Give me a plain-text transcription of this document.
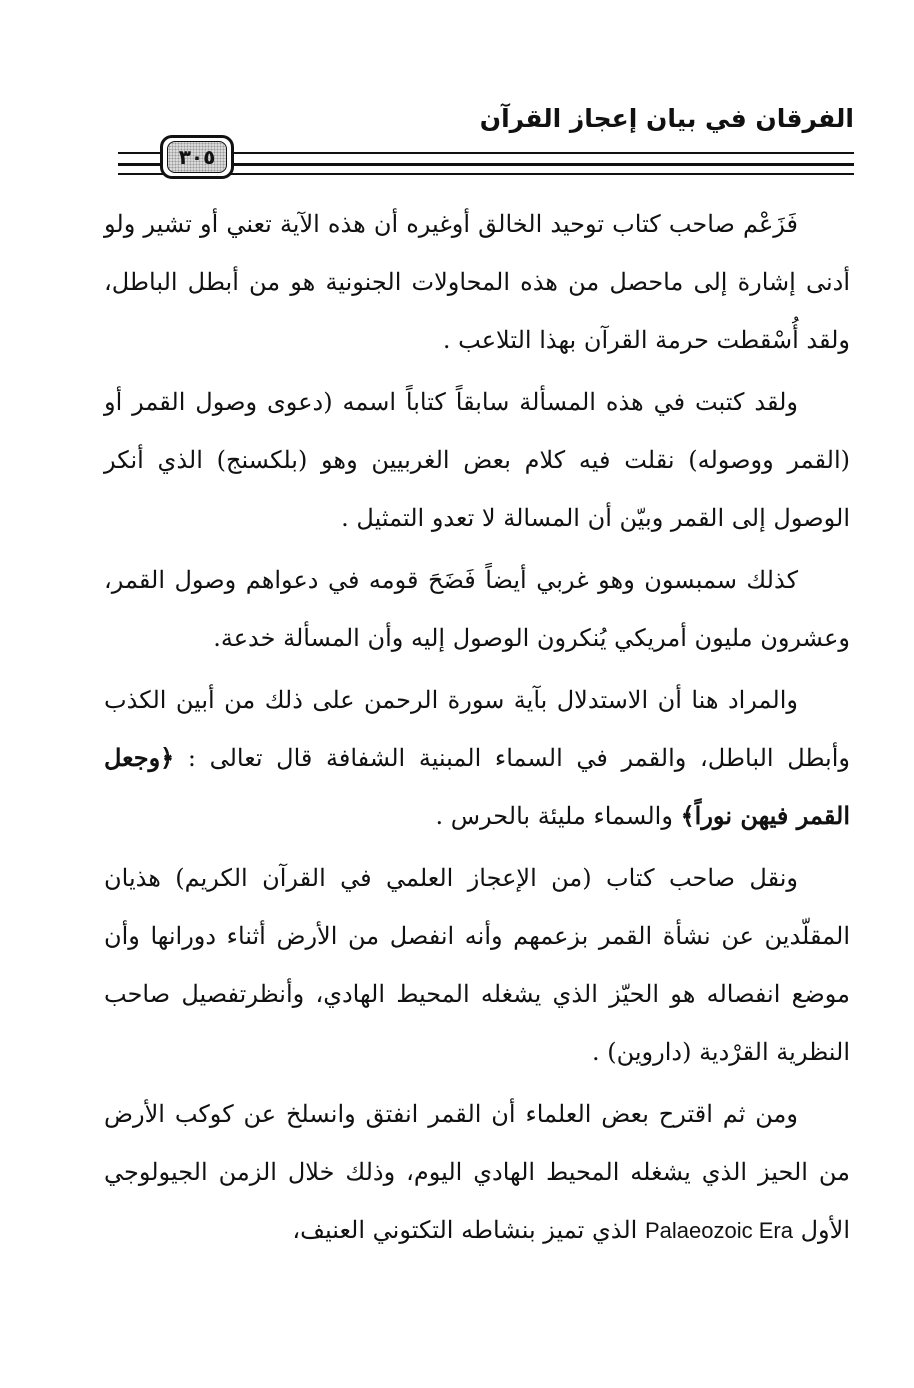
الفرقان في بيان إعجاز القرآن
٣٠٥

فَزَعْم صاحب كتاب توحيد الخالق أوغيره أن هذه الآية تعني أو تشير ولو أدنى إشارة إلى ماحصل من هذه المحاولات الجنونية هو من أبطل الباطل، ولقد أُسْقطت حرمة القرآن بهذا التلاعب .

ولقد كتبت في هذه المسألة سابقاً كتاباً اسمه (دعوى وصول القمر أو (القمر ووصوله) نقلت فيه كلام بعض الغربيين وهو (بلكسنج) الذي أنكر الوصول إلى القمر وبيّن أن المسالة لا تعدو التمثيل .

كذلك سمبسون وهو غربي أيضاً فَضَحَ قومه في دعواهم وصول القمر، وعشرون مليون أمريكي يُنكرون الوصول إليه وأن المسألة خدعة.

والمراد هنا أن الاستدلال بآية سورة الرحمن على ذلك من أبين الكذب وأبطل الباطل، والقمر في السماء المبنية الشفافة قال تعالى : ﴿وجعل القمر فيهن نوراً﴾ والسماء مليئة بالحرس .

ونقل صاحب كتاب (من الإعجاز العلمي في القرآن الكريم) هذيان المقلّدين عن نشأة القمر بزعمهم وأنه انفصل من الأرض أثناء دورانها وأن موضع انفصاله هو الحيّز الذي يشغله المحيط الهادي، وأنظرتفصيل صاحب النظرية القرْدية (داروين) .

ومن ثم اقترح بعض العلماء أن القمر انفتق وانسلخ عن كوكب الأرض من الحيز الذي يشغله المحيط الهادي اليوم، وذلك خلال الزمن الجيولوجي الأول Palaeozoic Era الذي تميز بنشاطه التكتوني العنيف،
